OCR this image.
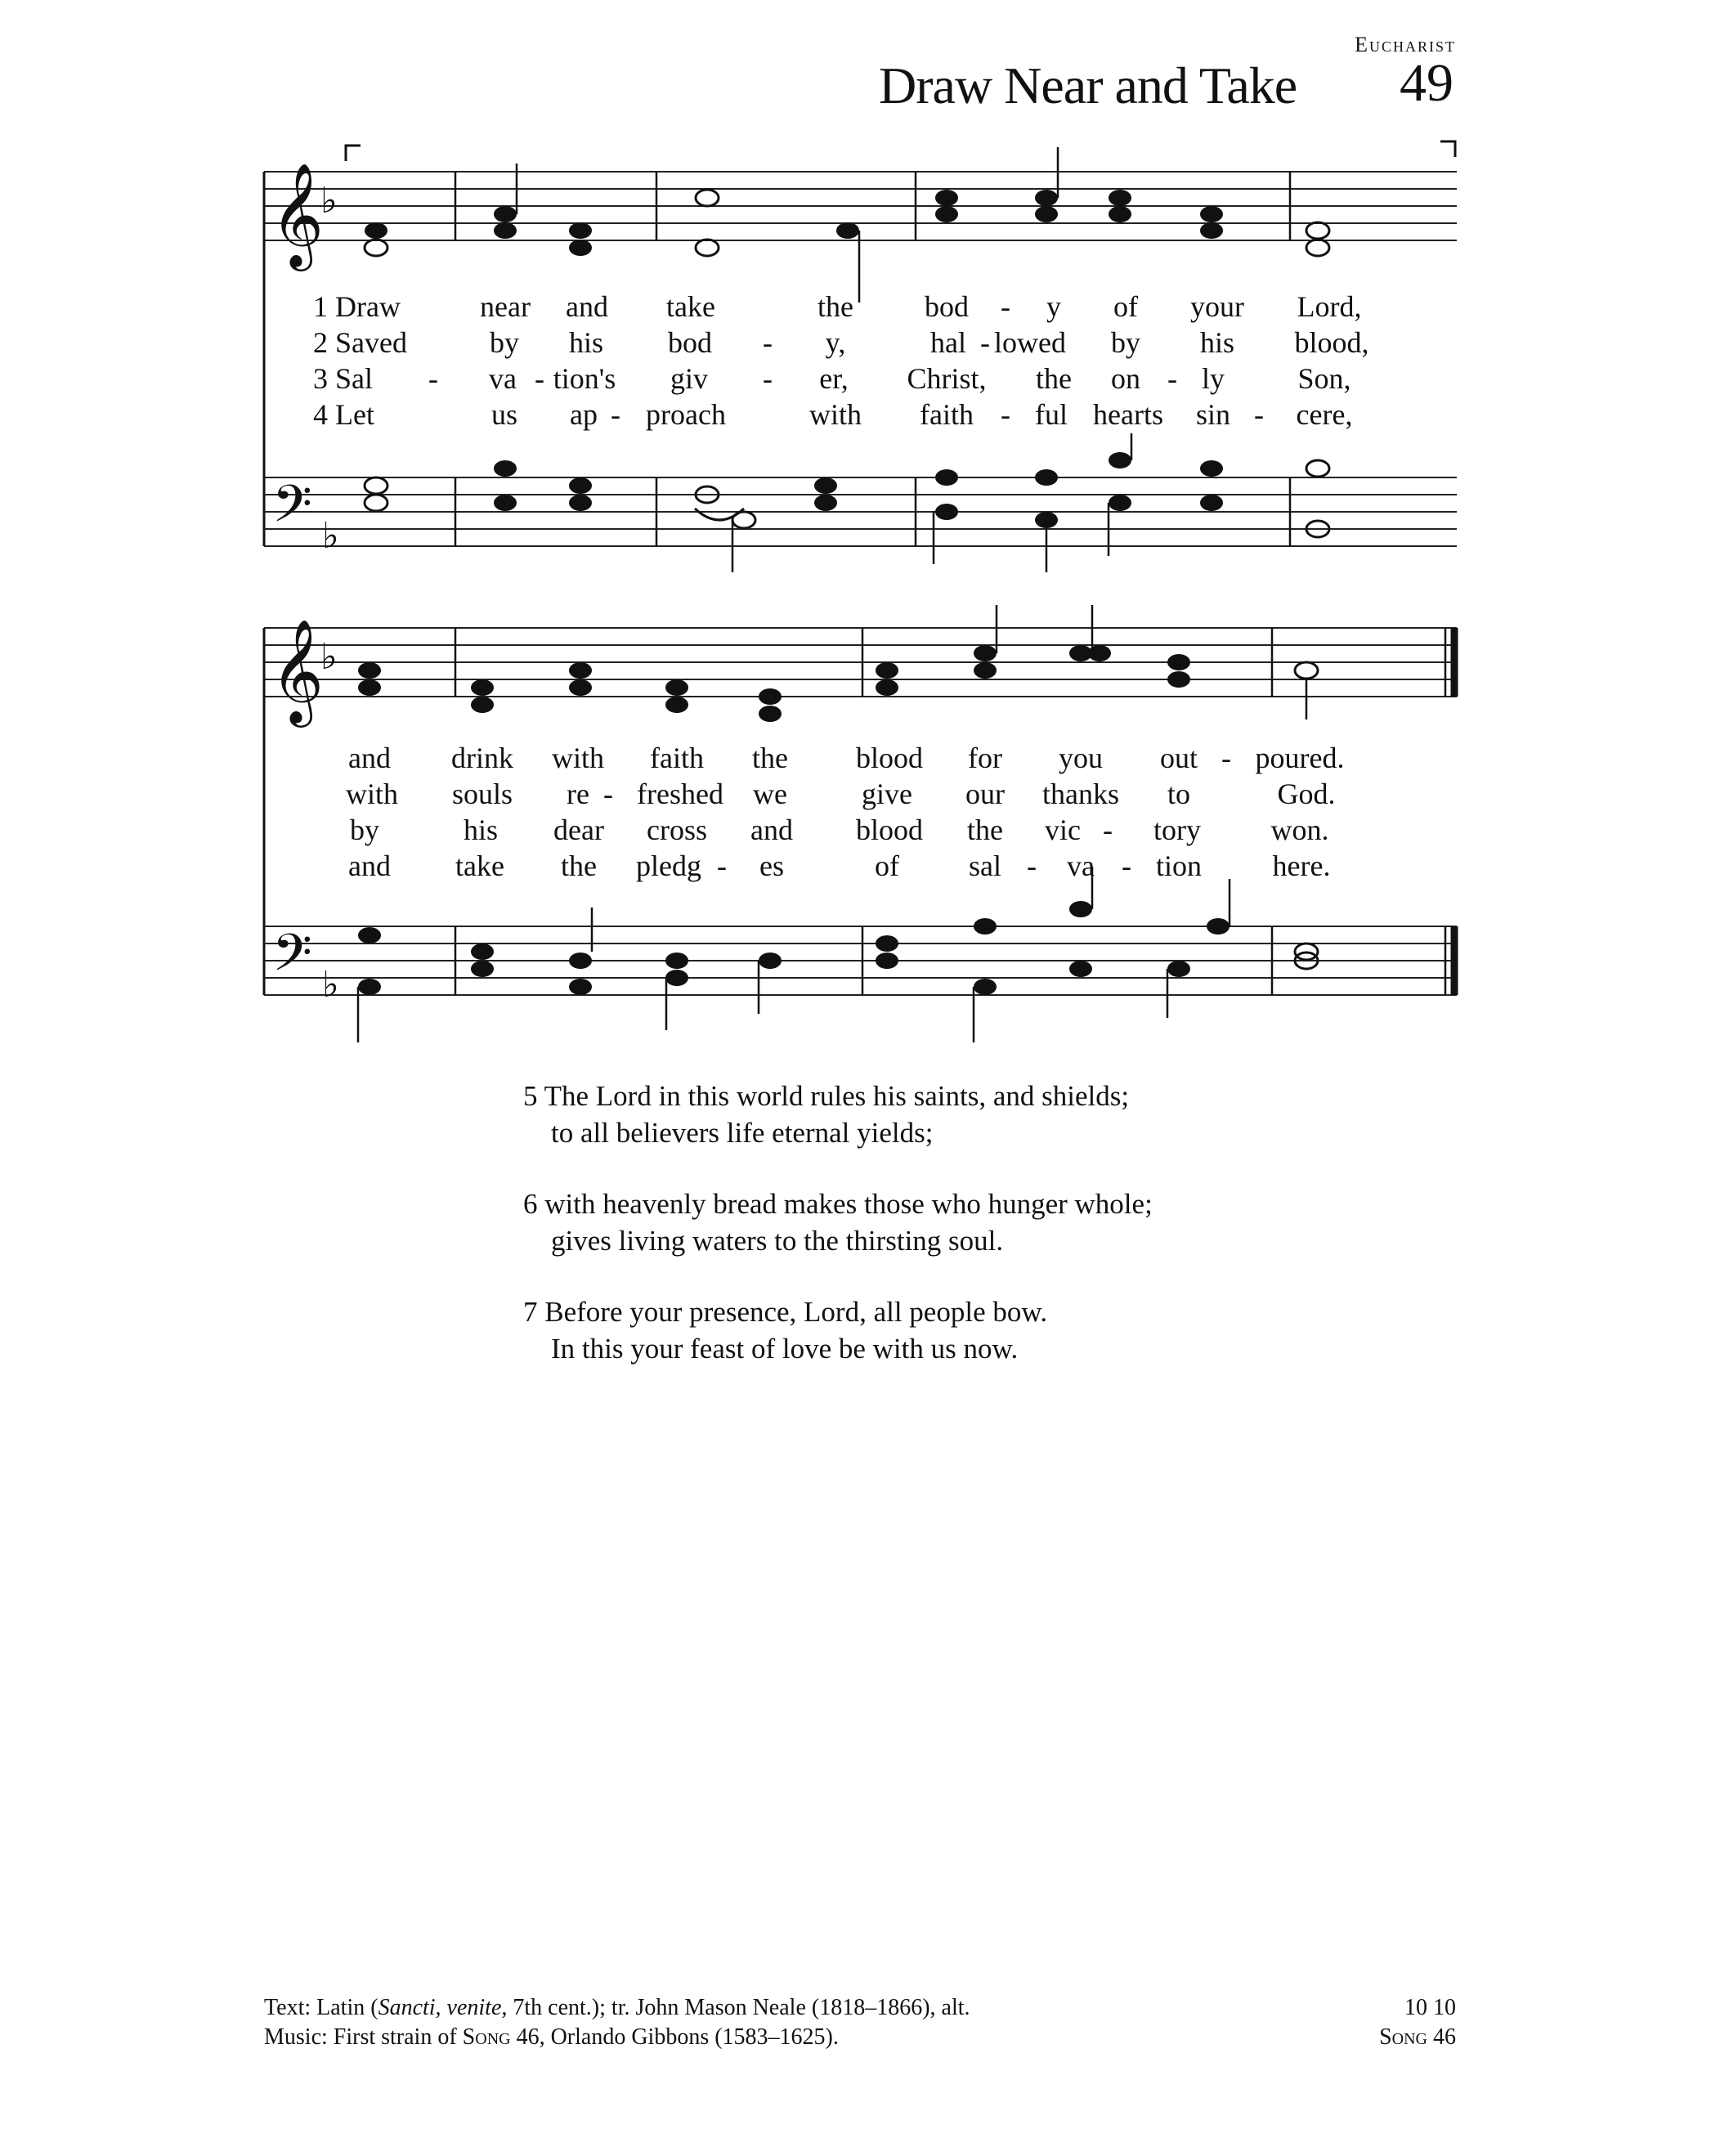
Eucharist
Draw Near and Take 49
𝄞
♭
𝄢 ♭
𝄞
♭
𝄢 ♭
1 Draw	near and take	the bod - y of your Lord,
2 Saved	by his bod - y,	hal - lowed by his blood,
3 Sal - va - tion's giv - er, Christ, the on - ly Son,
4 Let	us ap - proach	with faith - ful hearts sin - cere,
and drink with faith the blood for you out - poured.
with souls re - freshed we	give our thanks to	God.
by	his dear cross and blood the vic - tory won.
and take the pledg - es	of sal - va - tion here.
5 The Lord in this world rules his saints, and shields;
to all believers life eternal yields;
6 with heavenly bread makes those who hunger whole;
gives living waters to the thirsting soul.
7 Before your presence, Lord, all people bow.
In this your feast of love be with us now.
Text: Latin (Sancti, venite, 7th cent.); tr. John Mason Neale (1818–1866), alt.
Music: First strain of Song 46, Orlando Gibbons (1583–1625).
10 10
Song 46
